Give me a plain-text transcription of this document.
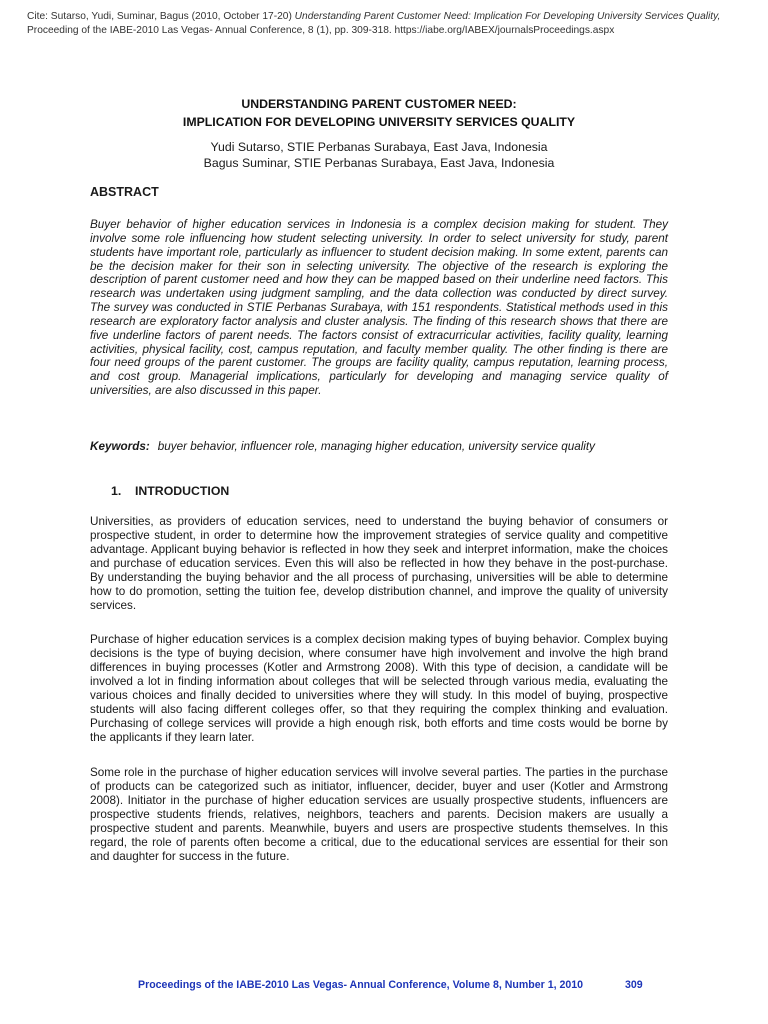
Cite: Sutarso, Yudi, Suminar, Bagus (2010, October 17-20) Understanding Parent Customer Need: Implication For Developing University Services Quality,
Proceeding of the IABE-2010 Las Vegas- Annual Conference, 8 (1), pp. 309-318. https://iabe.org/IABEX/journalsProceedings.aspx
UNDERSTANDING PARENT CUSTOMER NEED:
IMPLICATION FOR DEVELOPING UNIVERSITY SERVICES QUALITY
Yudi Sutarso, STIE Perbanas Surabaya, East Java, Indonesia
Bagus Suminar, STIE Perbanas Surabaya, East Java, Indonesia
ABSTRACT

Buyer behavior of higher education services in Indonesia is a complex decision making for student. They involve some role influencing how student selecting university. In order to select university for study, parent students have important role, particularly as influencer to student decision making. In some extent, parents can be the decision maker for their son in selecting university. The objective of the research is exploring the description of parent customer need and how they can be mapped based on their underline need factors. This research was undertaken using judgment sampling, and the data collection was conducted by direct survey. The survey was conducted in STIE Perbanas Surabaya, with 151 respondents. Statistical methods used in this research are exploratory factor analysis and cluster analysis. The finding of this research shows that there are five underline factors of parent needs. The factors consist of extracurricular activities, facility quality, learning activities, physical facility, cost, campus reputation, and faculty member quality. The other finding is there are four need groups of the parent customer. The groups are facility quality, campus reputation, learning process, and cost group. Managerial implications, particularly for developing and managing service quality of universities, are also discussed in this paper.

Keywords: buyer behavior, influencer role, managing higher education, university service quality
1. INTRODUCTION

Universities, as providers of education services, need to understand the buying behavior of consumers or prospective student, in order to determine how the improvement strategies of service quality and competitive advantage. Applicant buying behavior is reflected in how they seek and interpret information, make the choices and purchase of education services. Even this will also be reflected in how they behave in the post-purchase. By understanding the buying behavior and the all process of purchasing, universities will be able to determine how to do promotion, setting the tuition fee, develop distribution channel, and improve the quality of university services.

Purchase of higher education services is a complex decision making types of buying behavior. Complex buying decisions is the type of buying decision, where consumer have high involvement and involve the high brand differences in buying processes (Kotler and Armstrong 2008). With this type of decision, a candidate will be involved a lot in finding information about colleges that will be selected through various media, evaluating the various choices and finally decided to universities where they will study. In this model of buying, prospective students will also facing different colleges offer, so that they requiring the complex thinking and evaluation. Purchasing of college services will provide a high enough risk, both efforts and time costs would be borne by the applicants if they learn later.

Some role in the purchase of higher education services will involve several parties. The parties in the purchase of products can be categorized such as initiator, influencer, decider, buyer and user (Kotler and Armstrong 2008). Initiator in the purchase of higher education services are usually prospective students, influencers are prospective students friends, relatives, neighbors, teachers and parents. Decision makers are usually a prospective student and parents. Meanwhile, buyers and users are prospective students themselves. In this regard, the role of parents often become a critical, due to the educational services are essential for their son and daughter for success in the future.

Proceedings of the IABE-2010 Las Vegas- Annual Conference, Volume 8, Number 1, 2010	309
